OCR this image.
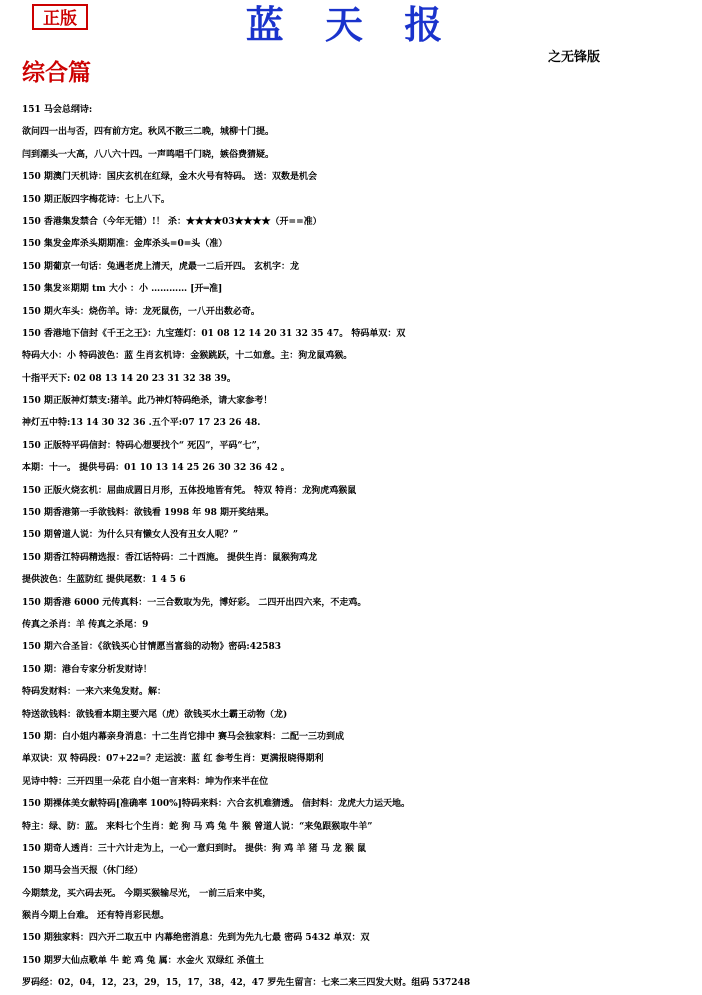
正版	蓝 天 报
之无锋版
综合篇
151 马会总纲诗:
欲问四一出与否，四有前方定。秋风不散三二晚，城柳十门提。
闫到潮头一大高，八八六十四。一声鸣唱千门晓，嫉俗费猜疑。
150 期澳门天机诗：国庆玄机在红绿，金木火号有特码。 送：双数是机会
150 期正版四字梅花诗：七上八下。
150 香港集发禁合（今年无错）!！ 杀：★★★★03★★★★（开==准）
150 集发金库杀头期期准：金库杀头=0=头（准）
150 期葡京一句话：兔遇老虎上清天，虎最一二后开四。 玄机字：龙
150 集发※期期 tm 大小 ：小 ………… [开═准]
150 期火车头：烧伤羊。诗：龙死鼠伤，一八开出数必奇。
150 香港地下信封《千王之王》：九宝莲灯：01 08 12 14 20 31 32 35 47。 特码单双：双
特码大小：小 特码波色：蓝 生肖玄机诗：金猴跳跃，十二如意。主：狗龙鼠鸡猴。
十指平天下: 02 08 13 14 20 23 31 32 38 39。
150 期正版神灯禁支:猪羊。此乃神灯特码绝杀，请大家参考！
神灯五中特:13 14 30 32 36 .五个平:07 17 23 26 48.
150 正版特平码信封：特码心想要找个“ 死囚”，平码“七”，
本期：十一。 提供号码：01 10 13 14 25 26 30 32 36 42 。
150 正版火烧玄机：屈曲成圆日月形，五体投地皆有凭。 特双 特肖：龙狗虎鸡猴鼠
150 期香港第一手欲钱料：欲钱看 1998 年 98 期开奖结果。
150 期曾道人说：为什么只有懒女人没有丑女人呢？”
150 期香江特码精选报：香江话特码：二十西施。 提供生肖：鼠猴狗鸡龙
提供波色：生蓝防红 提供尾数：1 4 5 6
150 期香港 6000 元传真料：一三合数取为先，博好彩。 二四开出四六来，不走鸡。
传真之杀肖：羊 传真之杀尾：9
150 期六合圣旨：《欲钱买心甘情愿当富翁的动物》密码:42583
150 期：港台专家分析发财诗！
特码发财料：一来六来兔发财。解：
特送欲钱料：欲钱看本期主要六尾（虎）欲钱买水土霸王动物（龙)
150 期：白小姐内幕亲身消息：十二生肖它排中 赛马会独家料：二配一三功到成
单双诀：双 特码段：07+22=？走运波：蓝 红 参考生肖：更满报晓得期利
见诗中特：三开四里一朵花 白小姐一言来料：坤为作来半在位
150 期裸体美女献特码[准确率 100%]特码来料：六合玄机难猜透。 信封料：龙虎大力运天地。
特主：绿、防：蓝。 来料七个生肖：蛇 狗 马 鸡 兔 牛 猴 曾道人说：“来兔跟猴取牛羊”
150 期奇人透肖：三十六计走为上，一心一意归到时。 提供：狗 鸡 羊 猪 马 龙 猴 鼠
150 期马会当天报（休门经）
今期禁龙，买六码去死。 今期买猴输尽光， 一前三后来中奖，
猴肖今期上台难。 还有特肖彩民想。
150 期独家料：四六开二取五中 内幕绝密消息：先到为先九七最 密码 5432 单双：双
150 期罗大仙点歌单 牛 蛇 鸡 兔 属：水金火 双绿红 杀值土
罗码经：02，04，12，23，29，15，17，38，42，47 罗先生留言：七来二来三四发大财。组码 537248
